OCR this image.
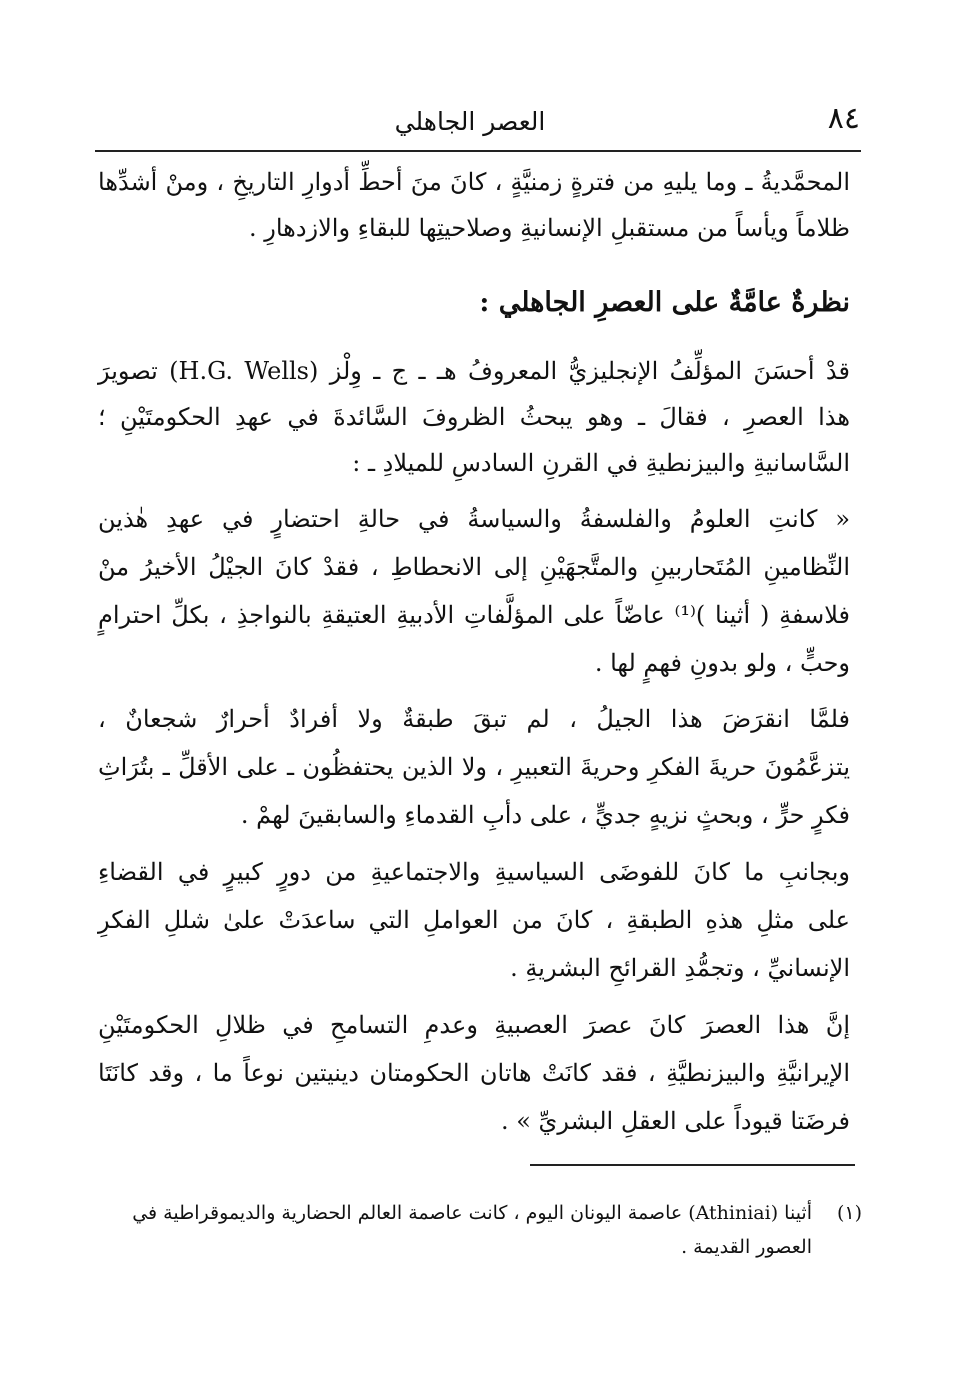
٨٤
العصر الجاهلي
المحمَّديةُ ـ وما يليهِ من فترةٍ زمنيَّةٍ ، كانَ منَ أحطِّ أدوارِ التاريخِ ، ومنْ أشدِّها
ظلاماً ويأساً من مستقبلِ الإنسانيةِ وصلاحيتِها للبقاءِ والازدهارِ .
نظرةٌ عامَّةٌ على العصرِ الجاهلي :
قدْ أحسَنَ المؤلِّفُ الإنجليزيُّ المعروفُ هـ ـ ج ـ وِلْز (H.G. Wells) تصويرَ
هذا العصرِ ، فقالَ ـ وهو يبحثُ الظروفَ السَّائدةَ في عهدِ الحكومتَيْنِ ؛
السَّاسانيةِ والبيزنطيةِ في القرنِ السادسِ للميلادِ ـ :
« كانتِ العلومُ والفلسفةُ والسياسةُ في حالةِ احتضارٍ في عهدِ هٰذين
النِّظامينِ المُتَحاربينِ والمتَّجهَيْنِ إلى الانحطاطِ ، فقدْ كانَ الجيْلُ الأخيرُ منْ
فلاسفةِ ( أثينا )⁽¹⁾ عاضّاً على المؤلَّفاتِ الأدبيةِ العتيقةِ بالنواجذِ ، بكلِّ احترامٍ
وحبٍّ ، ولو بدونِ فهمٍ لها .
فلمَّا انقرَضَ هذا الجيلُ ، لم تبقَ طبقةٌ ولا أفرادٌ أحرارٌ شجعانٌ ،
يتزعَّمُونَ حريةَ الفكرِ وحريةَ التعبيرِ ، ولا الذين يحتفظُون ـ على الأقلِّ ـ بتُرَاثِ
فكرٍ حرٍّ ، وبحثٍ نزيهٍ جديٍّ ، على دأبِ القدماءِ والسابقينَ لهمْ .
وبجانبِ ما كانَ للفوضَى السياسيةِ والاجتماعيةِ من دورٍ كبيرٍ في القضاءِ
على مثلِ هذهِ الطبقةِ ، كانَ من العواملِ التي ساعدَتْ علىٰ شللِ الفكرِ
الإنسانيِّ ، وتجمُّدِ القرائحِ البشريةِ .
إنَّ هذا العصرَ كانَ عصرَ العصبيةِ وعدمِ التسامحِ في ظلالِ الحكومتَيْنِ
الإيرانيَّةِ والبيزنطيَّةِ ، فقد كانَتْ هاتان الحكومتان دينيتين نوعاً ما ، وقد كانَتَا
فرضَتا قيوداً على العقلِ البشريِّ » .
(١)أثينا (Athiniai) عاصمة اليونان اليوم ، كانت عاصمة العالم الحضارية والديموقراطية في
العصور القديمة .
